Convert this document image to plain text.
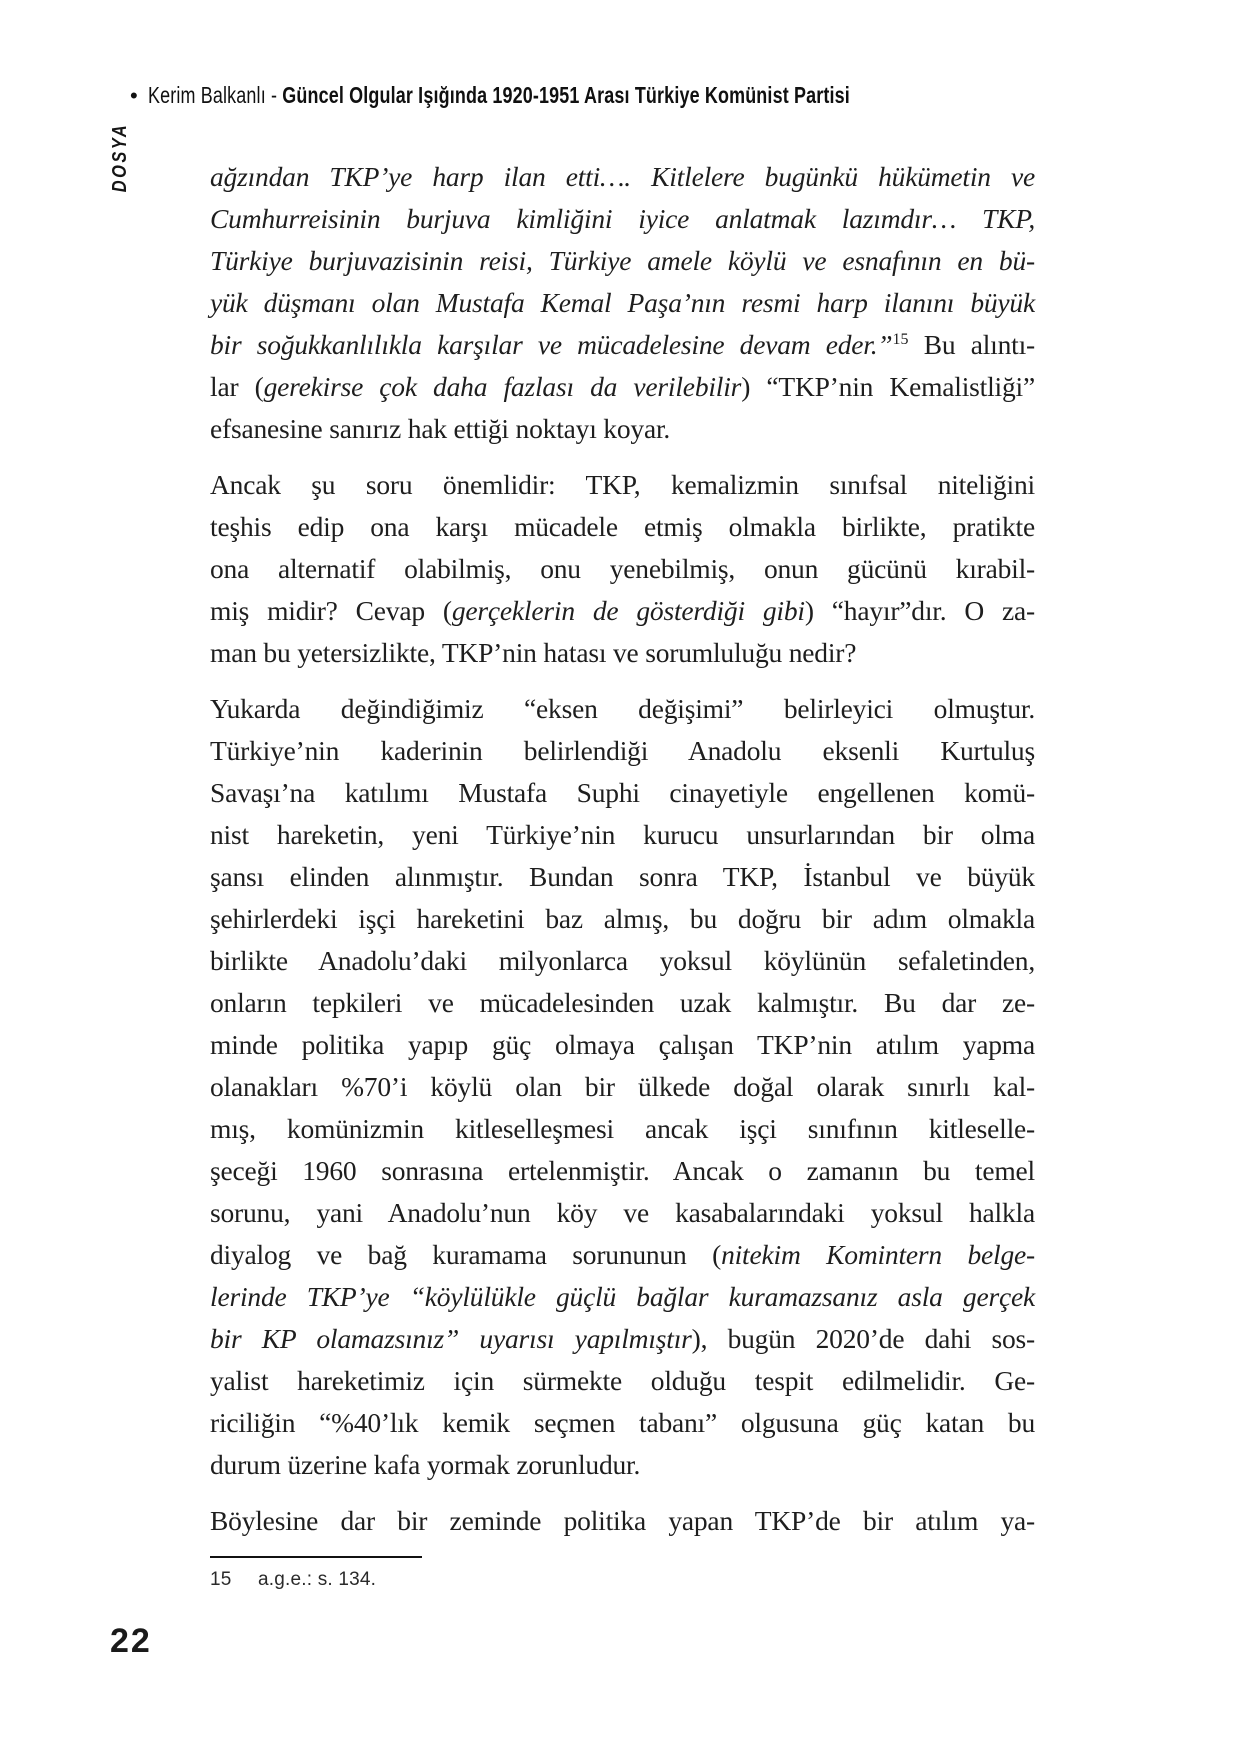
• Kerim Balkanlı - Güncel Olgular Işığında 1920-1951 Arası Türkiye Komünist Partisi
DOSYA	ağzından TKP’ye harp ilan etti…. Kitlelere bugünkü hükümetin ve
Cumhurreisinin burjuva kimliğini iyice anlatmak lazımdır… TKP,
Türkiye burjuvazisinin reisi, Türkiye amele köylü ve esnafının en bü-
yük düşmanı olan Mustafa Kemal Paşa’nın resmi harp ilanını büyük
bir soğukkanlılıkla karşılar ve mücadelesine devam eder.”$^{15}$ Bu alıntı-
lar (gerekirse çok daha fazlası da verilebilir) “TKP’nin Kemalistliği”
efsanesine sanırız hak ettiği noktayı koyar.
Ancak şu soru önemlidir: TKP, kemalizmin sınıfsal niteliğini
teşhis edip ona karşı mücadele etmiş olmakla birlikte, pratikte
ona alternatif olabilmiş, onu yenebilmiş, onun gücünü kırabil-
miş midir? Cevap (gerçeklerin de gösterdiği gibi) “hayır”dır. O za-
man bu yetersizlikte, TKP’nin hatası ve sorumluluğu nedir?
Yukarda değindiğimiz “eksen değişimi” belirleyici olmuştur.
Türkiye’nin kaderinin belirlendiği Anadolu eksenli Kurtuluş
Savaşı’na katılımı Mustafa Suphi cinayetiyle engellenen komü-
nist hareketin, yeni Türkiye’nin kurucu unsurlarından bir olma
şansı elinden alınmıştır. Bundan sonra TKP, İstanbul ve büyük
şehirlerdeki işçi hareketini baz almış, bu doğru bir adım olmakla
birlikte Anadolu’daki milyonlarca yoksul köylünün sefaletinden,
onların tepkileri ve mücadelesinden uzak kalmıştır. Bu dar ze-
minde politika yapıp güç olmaya çalışan TKP’nin atılım yapma
olanakları %70’i köylü olan bir ülkede doğal olarak sınırlı kal-
mış, komünizmin kitleselleşmesi ancak işçi sınıfının kitleselle-
şeceği 1960 sonrasına ertelenmiştir. Ancak o zamanın bu temel
sorunu, yani Anadolu’nun köy ve kasabalarındaki yoksul halkla
diyalog ve bağ kuramama sorununun (nitekim Komintern belge-
lerinde TKP’ye “köylülükle güçlü bağlar kuramazsanız asla gerçek
bir KP olamazsınız” uyarısı yapılmıştır), bugün 2020’de dahi sos-
yalist hareketimiz için sürmekte olduğu tespit edilmelidir. Ge-
riciliğin “%40’lık kemik seçmen tabanı” olgusuna güç katan bu
durum üzerine kafa yormak zorunludur.
Böylesine dar bir zeminde politika yapan TKP’de bir atılım ya-
15 a.g.e.: s. 134.
22
